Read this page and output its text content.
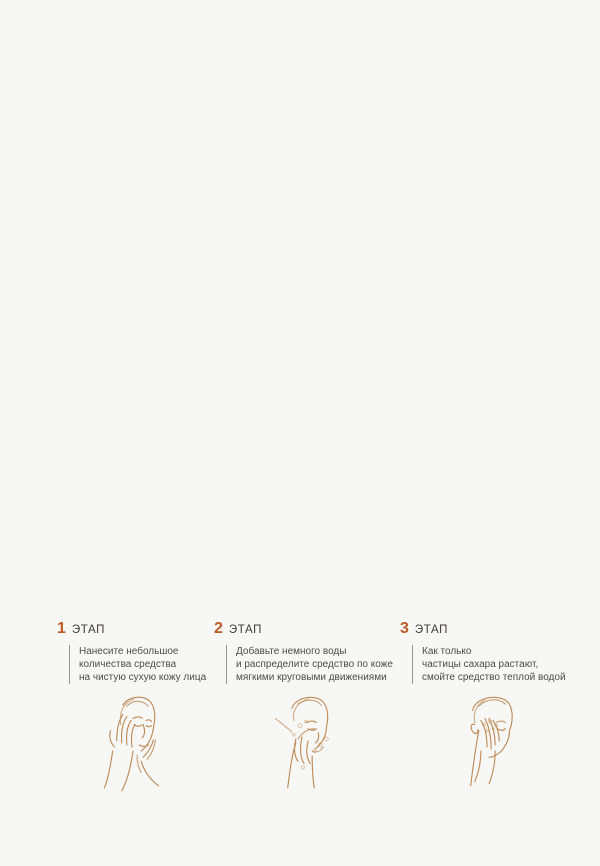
1 ЭТАП
Нанесите небольшое
количества средства
на чистую сухую кожу лица
2 ЭТАП
Добавьте немного воды
и распределите средство по коже
мягкими круговыми движениями
3 ЭТАП
Как только
частицы сахара растают,
смойте средство теплой водой
